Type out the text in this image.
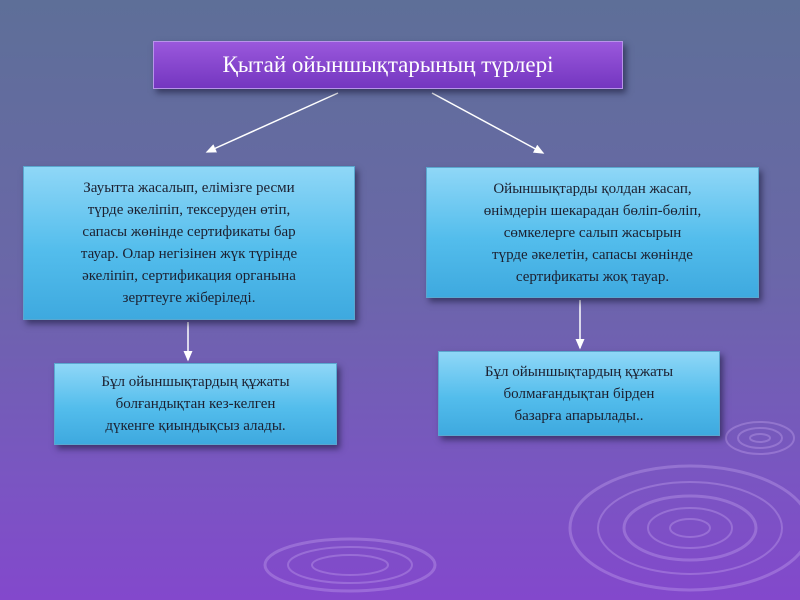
Қытай ойыншықтарының түрлері
Зауытта жасалып, елімізге ресми
түрде әкеліпіп, тексеруден өтіп,
сапасы жөнінде сертификаты бар
тауар. Олар негізінен жүк түрінде
әкеліпіп, сертификация органына
зерттеуге жіберіледі.
Ойыншықтарды қолдан жасап,
өнімдерін шекарадан бөліп-бөліп,
сөмкелерге салып жасырын
түрде әкелетін, сапасы жөнінде
сертификаты жоқ тауар.
Бұл ойыншықтардың құжаты
болғандықтан кез-келген
дүкенге қиындықсыз алады.
Бұл ойыншықтардың құжаты
болмағандықтан бірден
базарға апарылады..
